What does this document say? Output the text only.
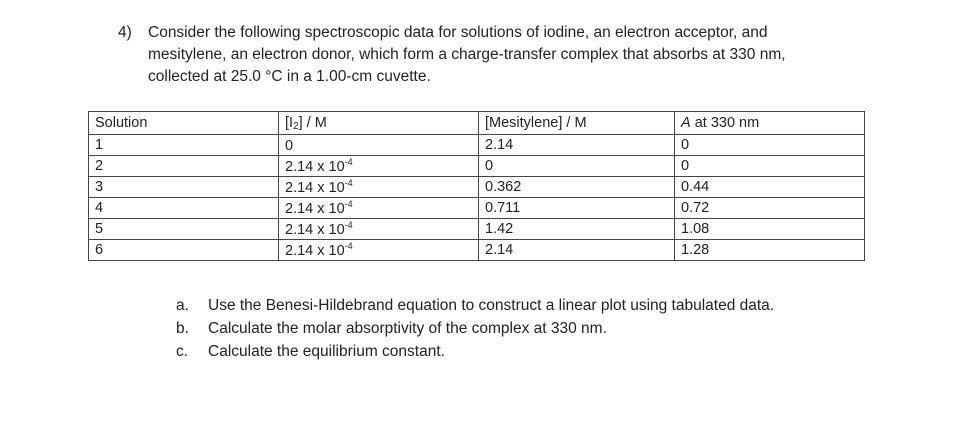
4) Consider the following spectroscopic data for solutions of iodine, an electron acceptor, and
mesitylene, an electron donor, which form a charge-transfer complex that absorbs at 330 nm,
collected at 25.0 °C in a 1.00-cm cuvette.
Solution	$[I_2]$ / M	[Mesitylene] / M	A at 330 nm
1	0	2.14	0
2	2.14 x $10^{-4}$	0	0
3	2.14 x $10^{-4}$	0.362	0.44
4	2.14 x $10^{-4}$	0.711	0.72
5	2.14 x $10^{-4}$	1.42	1.08
6	2.14 x $10^{-4}$	2.14	1.28
a.	Use the Benesi-Hildebrand equation to construct a linear plot using tabulated data.
b.	Calculate the molar absorptivity of the complex at 330 nm.
c.	Calculate the equilibrium constant.
